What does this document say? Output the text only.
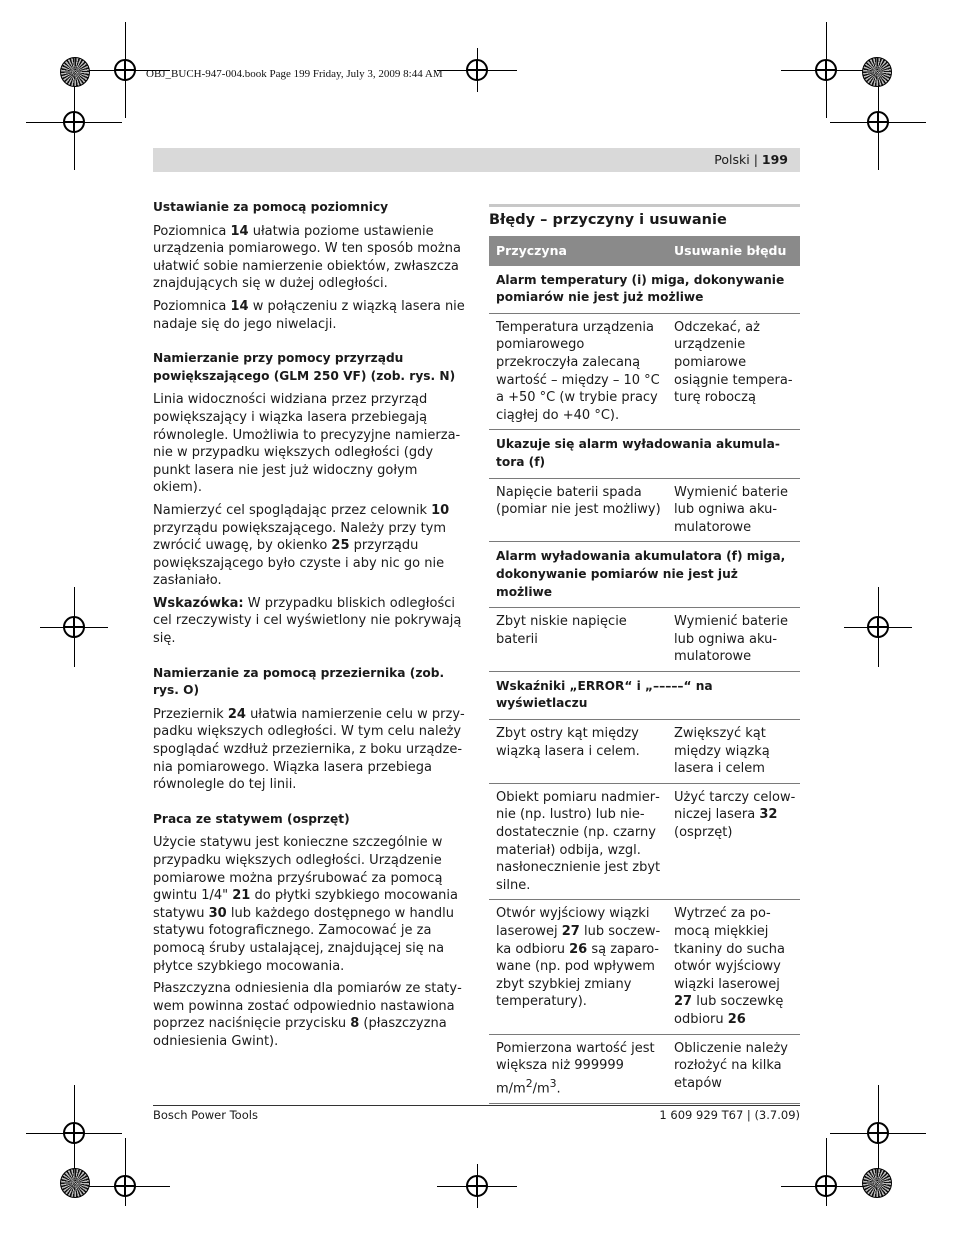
OBJ_BUCH-947-004.book Page 199 Friday, July 3, 2009 8:44 AM
Polski | 199
Ustawianie za pomocą poziomnicy

Poziomnica 14 ułatwia poziome ustawienie urządzenia pomiarowego. W ten sposób można ułatwić sobie namierzenie obiektów, zwłaszcza znajdujących się w dużej odległości.

Poziomnica 14 w połączeniu z wiązką lasera nie nadaje się do jego niwelacji.

Namierzanie przy pomocy przyrządu powiększającego (GLM 250 VF) (zob. rys. N)

Linia widoczności widziana przez przyrząd powiększający i wiązka lasera przebiegają równolegle. Umożliwia to precyzyjne namierzanie w przypadku większych odległości (gdy punkt lasera nie jest już widoczny gołym okiem).

Namierzyć cel spoglądając przez celownik 10 przyrządu powiększającego. Należy przy tym zwrócić uwagę, by okienko 25 przyrządu powiększającego było czyste i aby nic go nie zasłaniało.

Wskazówka: W przypadku bliskich odległości cel rzeczywisty i cel wyświetlony nie pokrywają się.

Namierzanie za pomocą przeziernika (zob. rys. O)

Przeziernik 24 ułatwia namierzenie celu w przypadku większych odległości. W tym celu należy spoglądać wzdłuż przeziernika, z boku urządzenia pomiarowego. Wiązka lasera przebiega równolegle do tej linii.

Praca ze statywem (osprzęt)

Użycie statywu jest konieczne szczególnie w przypadku większych odległości. Urządzenie pomiarowe można przyśrubować za pomocą gwintu 1/4" 21 do płytki szybkiego mocowania statywu 30 lub każdego dostępnego w handlu statywu fotograficznego. Zamocować je za pomocą śruby ustalającej, znajdującej się na płytce szybkiego mocowania.

Płaszczyzna odniesienia dla pomiarów ze statywem powinna zostać odpowiednio nastawiona poprzez naciśnięcie przycisku 8 (płaszczyzna odniesienia Gwint).

Błędy – przyczyny i usuwanie
Przyczyna	Usuwanie błędu
Alarm temperatury (i) miga, dokonywanie pomiarów nie jest już możliwe	
Temperatura urządzenia pomiarowego przekroczyła zalecaną wartość – między – 10 °C a +50 °C (w trybie pracy ciągłej do +40 °C).	Odczekać, aż urządzenie pomiarowe osiągnie temperaturę roboczą
Ukazuje się alarm wyładowania akumulatora (f)	
Napięcie baterii spada (pomiar nie jest możliwy)	Wymienić baterie lub ogniwa akumulatorowe
Alarm wyładowania akumulatora (f) miga, dokonywanie pomiarów nie jest już możliwe	
Zbyt niskie napięcie baterii	Wymienić baterie lub ogniwa akumulatorowe
Wskaźniki „ERROR“ i „–––––“ na wyświetlaczu	
Zbyt ostry kąt między wiązką lasera i celem.	Zwiększyć kąt między wiązką lasera i celem
Obiekt pomiaru nadmiernie (np. lustro) lub niedostatecznie (np. czarny materiał) odbija, wzgl. nasłonecznienie jest zbyt silne.	Użyć tarczy celowniczej lasera 32 (osprzęt)
Otwór wyjściowy wiązki laserowej 27 lub soczewka odbioru 26 są zaparowane (np. pod wpływem zbyt szybkiej zmiany temperatury).	Wytrzeć za pomocą miękkiej tkaniny do sucha otwór wyjściowy wiązki laserowej 27 lub soczewkę odbioru 26
Pomierzona wartość jest większa niż 999999 $m/m^2/m^3$.	Obliczenie należy rozłożyć na kilka etapów
Bosch Power Tools	1 609 929 T67 | (3.7.09)
